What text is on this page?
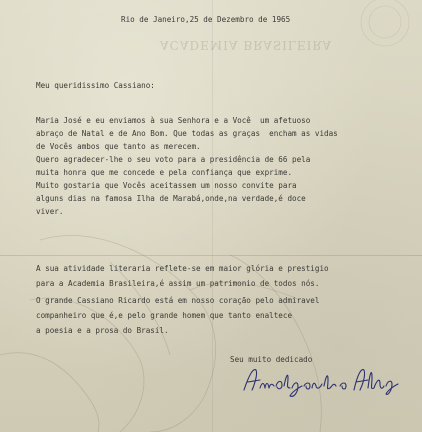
ACADEMIA BRASILEIRA
Rio de Janeiro,25 de Dezembro de 1965
Meu queridissimo Cassiano:
Maria José e eu enviamos à sua Senhora e a Você  um afetuoso
abraço de Natal e de Ano Bom. Que todas as graças  encham as vidas
de Vocês ambos que tanto as merecem.
Quero agradecer-lhe o seu voto para a presidência de 66 pela
muita honra que me concede e pela confiança que exprime.
Muito gostaria que Vocês aceitassem um nosso convite para
alguns dias na famosa Ilha de Marabá,onde,na verdade,é doce
viver.
A sua atividade literaria reflete-se em maior glória e prestigio
para a Academia Brasileira,é assim um patrimonio de todos nós.
O grande Cassiano Ricardo está em nosso coração pelo admiravel
companheiro que é,e pelo grande homem que tanto enaltece
a poesia e a prosa do Brasil.
Seu muito dedicado
